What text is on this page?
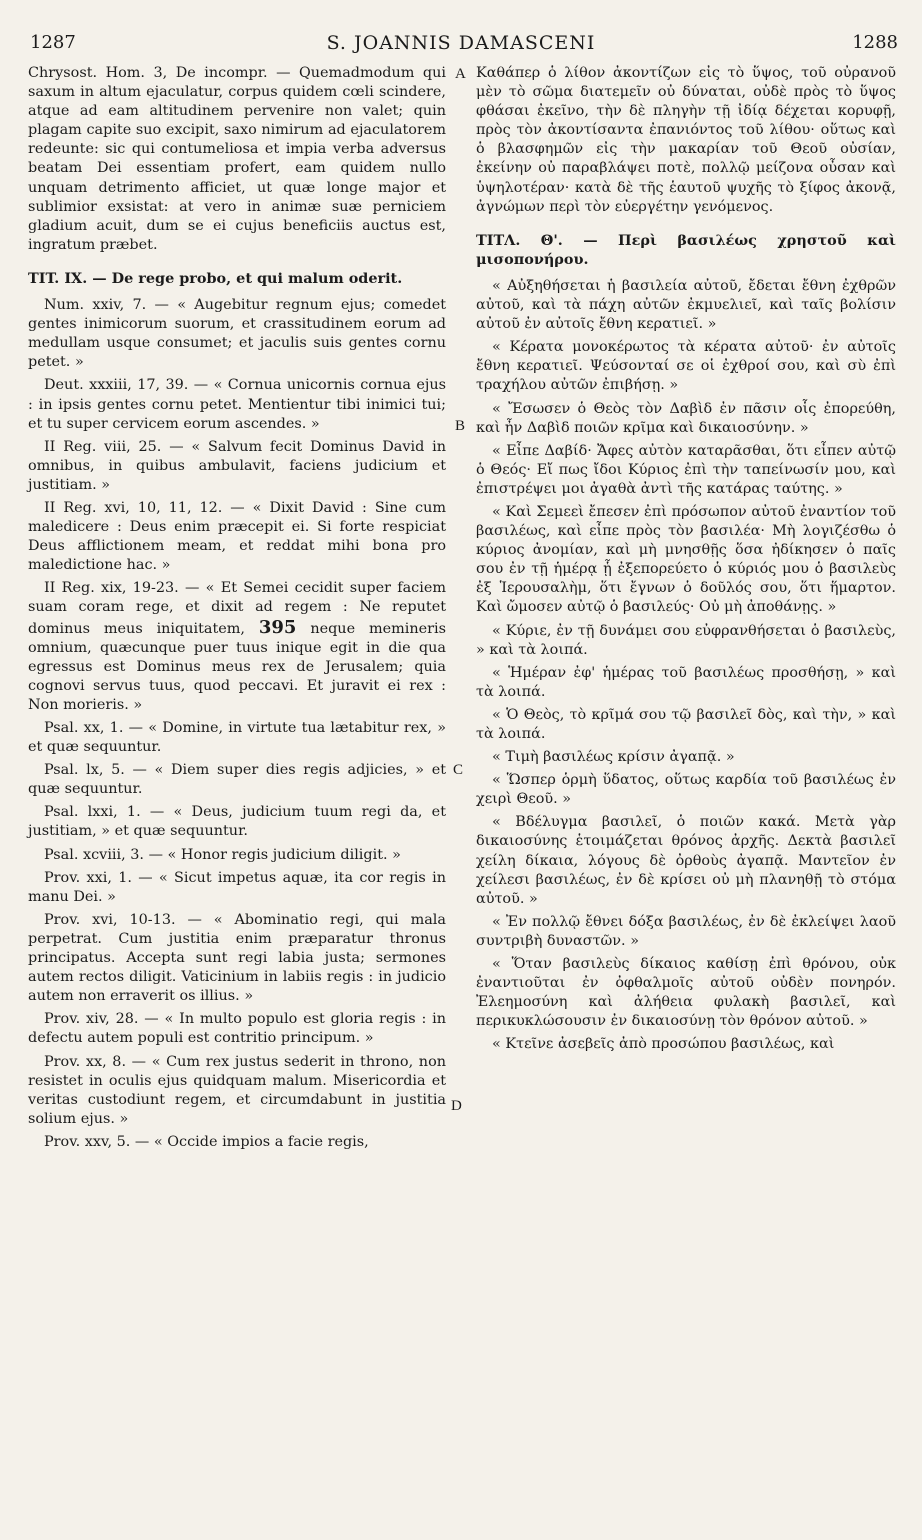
1287	S. JOANNIS DAMASCENI	1288
A
B
C
D

Chrysost. Hom. 3, De incompr. — Quemadmodum qui saxum in altum ejaculatur, corpus quidem cœli scindere, atque ad eam altitudinem pervenire non valet; quin plagam capite suo excipit, saxo nimirum ad ejaculatorem redeunte: sic qui contumeliosa et impia verba adversus beatam Dei essentiam profert, eam quidem nullo unquam detrimento afficiet, ut quæ longe major et sublimior exsistat: at vero in animæ suæ perniciem gladium acuit, dum se ei cujus beneficiis auctus est, ingratum præbet.

TIT. IX. — De rege probo, et qui malum oderit.

Num. xxiv, 7. — « Augebitur regnum ejus; comedet gentes inimicorum suorum, et crassitudinem eorum ad medullam usque consumet; et jaculis suis gentes cornu petet. »

Deut. xxxiii, 17, 39. — « Cornua unicornis cornua ejus : in ipsis gentes cornu petet. Mentientur tibi inimici tui; et tu super cervicem eorum ascendes. »

II Reg. viii, 25. — « Salvum fecit Dominus David in omnibus, in quibus ambulavit, faciens judicium et justitiam. »

II Reg. xvi, 10, 11, 12. — « Dixit David : Sine cum maledicere : Deus enim præcepit ei. Si forte respiciat Deus afflictionem meam, et reddat mihi bona pro maledictione hac. »

II Reg. xix, 19-23. — « Et Semei cecidit super faciem suam coram rege, et dixit ad regem : Ne reputet dominus meus iniquitatem, 395 neque memineris omnium, quæcunque puer tuus inique egit in die qua egressus est Dominus meus rex de Jerusalem; quia cognovi servus tuus, quod peccavi. Et juravit ei rex : Non morieris. »

Psal. xx, 1. — « Domine, in virtute tua lætabitur rex, » et quæ sequuntur.

Psal. lx, 5. — « Diem super dies regis adjicies, » et quæ sequuntur.

Psal. lxxi, 1. — « Deus, judicium tuum regi da, et justitiam, » et quæ sequuntur.

Psal. xcviii, 3. — « Honor regis judicium diligit. »

Prov. xxi, 1. — « Sicut impetus aquæ, ita cor regis in manu Dei. »

Prov. xvi, 10-13. — « Abominatio regi, qui mala perpetrat. Cum justitia enim præparatur thronus principatus. Accepta sunt regi labia justa; sermones autem rectos diligit. Vaticinium in labiis regis : in judicio autem non erraverit os illius. »

Prov. xiv, 28. — « In multo populo est gloria regis : in defectu autem populi est contritio principum. »

Prov. xx, 8. — « Cum rex justus sederit in throno, non resistet in oculis ejus quidquam malum. Misericordia et veritas custodiunt regem, et circumdabunt in justitia solium ejus. »

Prov. xxv, 5. — « Occide impios a facie regis,

Καθάπερ ὁ λίθον ἀκοντίζων εἰς τὸ ὕψος, τοῦ οὐρανοῦ μὲν τὸ σῶμα διατεμεῖν οὐ δύναται, οὐδὲ πρὸς τὸ ὕψος φθάσαι ἐκεῖνο, τὴν δὲ πληγὴν τῇ ἰδίᾳ δέχεται κορυφῇ, πρὸς τὸν ἀκοντίσαντα ἐπανιόντος τοῦ λίθου· οὕτως καὶ ὁ βλασφημῶν εἰς τὴν μακαρίαν τοῦ Θεοῦ οὐσίαν, ἐκείνην οὐ παραβλάψει ποτὲ, πολλῷ μείζονα οὖσαν καὶ ὑψηλοτέραν· κατὰ δὲ τῆς ἑαυτοῦ ψυχῆς τὸ ξίφος ἀκονᾷ, ἀγνώμων περὶ τὸν εὐεργέτην γενόμενος.

ΤΙΤΛ. Θ'. — Περὶ βασιλέως χρηστοῦ καὶ μισοπονήρου.

« Αὐξηθήσεται ἡ βασιλεία αὐτοῦ, ἔδεται ἔθνη ἐχθρῶν αὐτοῦ, καὶ τὰ πάχη αὐτῶν ἐκμυελιεῖ, καὶ ταῖς βολίσιν αὐτοῦ ἐν αὐτοῖς ἔθνη κερατιεῖ. »

« Κέρατα μονοκέρωτος τὰ κέρατα αὐτοῦ· ἐν αὐτοῖς ἔθνη κερατιεῖ. Ψεύσονταί σε οἱ ἐχθροί σου, καὶ σὺ ἐπὶ τραχήλου αὐτῶν ἐπιβήσῃ. »

« Ἔσωσεν ὁ Θεὸς τὸν Δαβὶδ ἐν πᾶσιν οἷς ἐπορεύθη, καὶ ἦν Δαβὶδ ποιῶν κρῖμα καὶ δικαιοσύνην. »

« Εἶπε Δαβίδ· Ἄφες αὐτὸν καταρᾶσθαι, ὅτι εἶπεν αὐτῷ ὁ Θεός· Εἴ πως ἴδοι Κύριος ἐπὶ τὴν ταπείνωσίν μου, καὶ ἐπιστρέψει μοι ἀγαθὰ ἀντὶ τῆς κατάρας ταύτης. »

« Καὶ Σεμεεὶ ἔπεσεν ἐπὶ πρόσωπον αὐτοῦ ἐναντίον τοῦ βασιλέως, καὶ εἶπε πρὸς τὸν βασιλέα· Μὴ λογιζέσθω ὁ κύριος ἀνομίαν, καὶ μὴ μνησθῇς ὅσα ἠδίκησεν ὁ παῖς σου ἐν τῇ ἡμέρᾳ ᾗ ἐξεπορεύετο ὁ κύριός μου ὁ βασιλεὺς ἐξ Ἱερουσαλὴμ, ὅτι ἔγνων ὁ δοῦλός σου, ὅτι ἥμαρτον. Καὶ ὤμοσεν αὐτῷ ὁ βασιλεύς· Οὐ μὴ ἀποθάνῃς. »

« Κύριε, ἐν τῇ δυνάμει σου εὐφρανθήσεται ὁ βασιλεὺς, » καὶ τὰ λοιπά.

« Ἡμέραν ἐφ' ἡμέρας τοῦ βασιλέως προσθήσῃ, » καὶ τὰ λοιπά.

« Ὁ Θεὸς, τὸ κρῖμά σου τῷ βασιλεῖ δὸς, καὶ τὴν, » καὶ τὰ λοιπά.

« Τιμὴ βασιλέως κρίσιν ἀγαπᾷ. »

« Ὥσπερ ὁρμὴ ὕδατος, οὕτως καρδία τοῦ βασιλέως ἐν χειρὶ Θεοῦ. »

« Βδέλυγμα βασιλεῖ, ὁ ποιῶν κακά. Μετὰ γὰρ δικαιοσύνης ἑτοιμάζεται θρόνος ἀρχῆς. Δεκτὰ βασιλεῖ χείλη δίκαια, λόγους δὲ ὀρθοὺς ἀγαπᾷ. Μαντεῖον ἐν χείλεσι βασιλέως, ἐν δὲ κρίσει οὐ μὴ πλανηθῇ τὸ στόμα αὐτοῦ. »

« Ἐν πολλῷ ἔθνει δόξα βασιλέως, ἐν δὲ ἐκλείψει λαοῦ συντριβὴ δυναστῶν. »

« Ὅταν βασιλεὺς δίκαιος καθίσῃ ἐπὶ θρόνου, οὐκ ἐναντιοῦται ἐν ὀφθαλμοῖς αὐτοῦ οὐδὲν πονηρόν. Ἐλεημοσύνη καὶ ἀλήθεια φυλακὴ βασιλεῖ, καὶ περικυκλώσουσιν ἐν δικαιοσύνῃ τὸν θρόνον αὐτοῦ. »

« Κτεῖνε ἀσεβεῖς ἀπὸ προσώπου βασιλέως, καὶ
